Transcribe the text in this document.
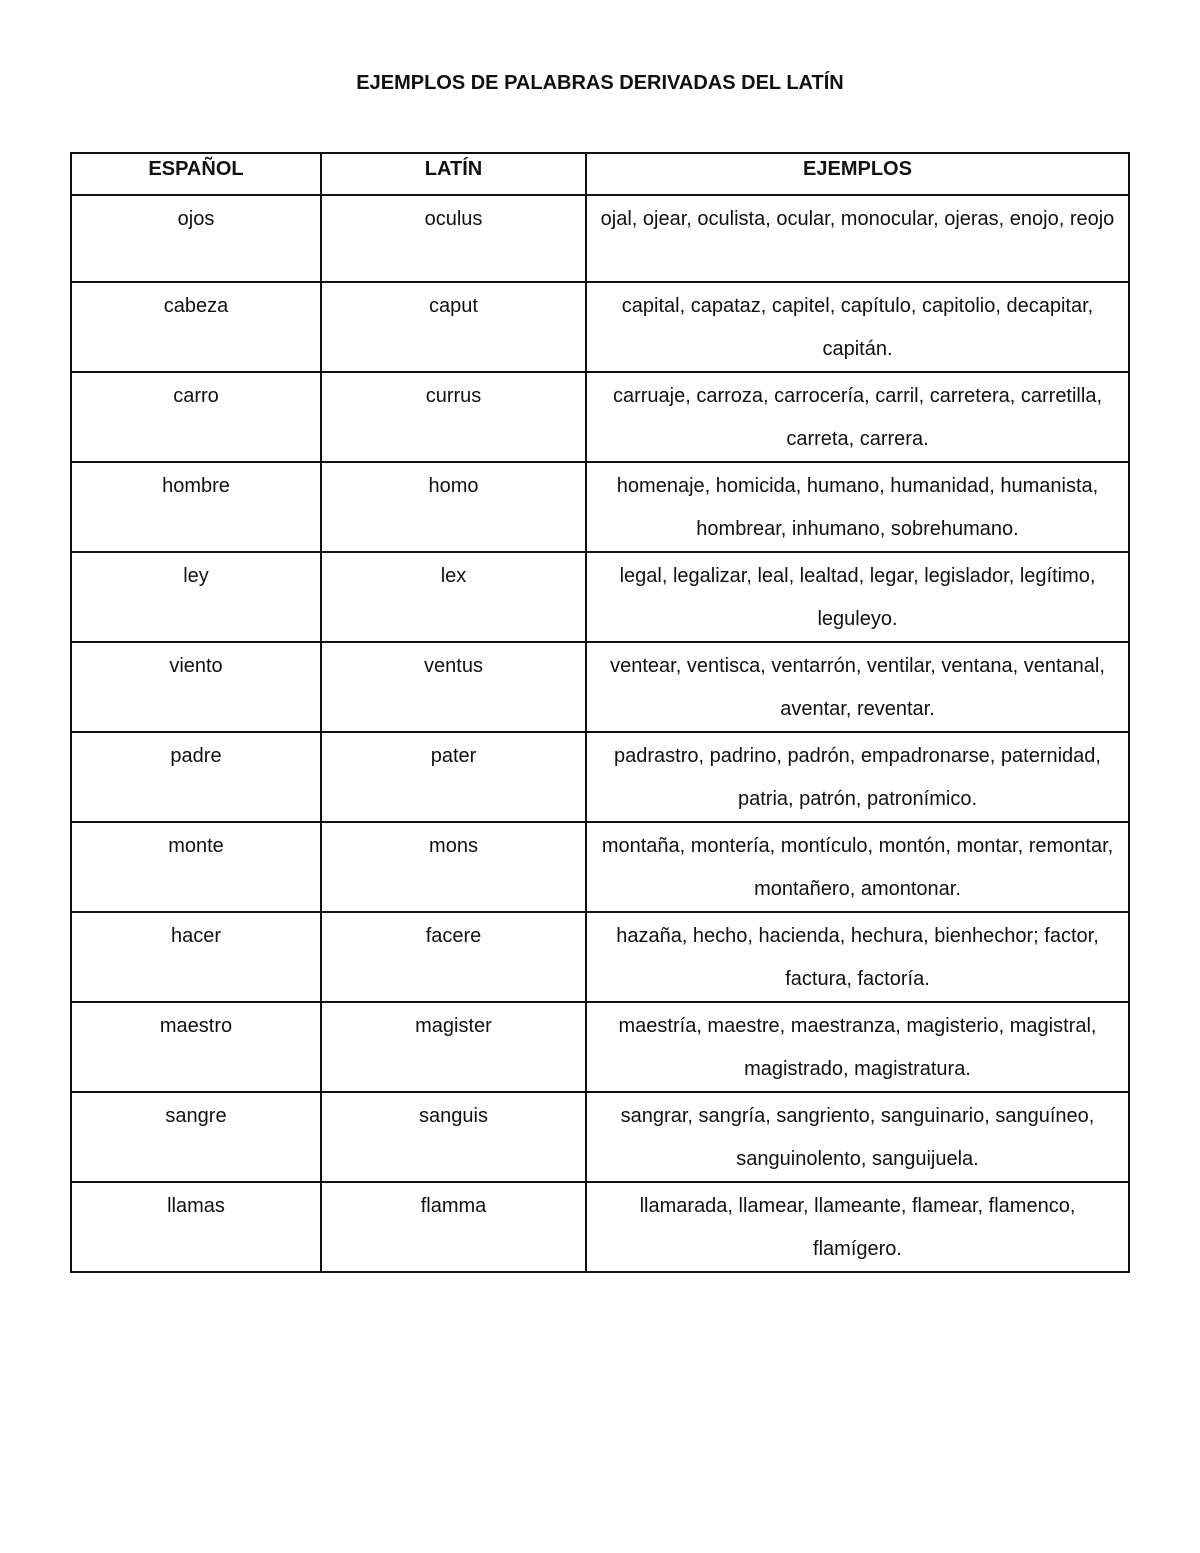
EJEMPLOS DE PALABRAS DERIVADAS DEL LATÍN
ESPAÑOL	LATÍN	EJEMPLOS
ojos	oculus	ojal, ojear, oculista, ocular, monocular, ojeras, enojo, reojo
cabeza	caput	capital, capataz, capitel, capítulo, capitolio, decapitar, capitán.
carro	currus	carruaje, carroza, carrocería, carril, carretera, carretilla, carreta, carrera.
hombre	homo	homenaje, homicida, humano, humanidad, humanista, hombrear, inhumano, sobrehumano.
ley	lex	legal, legalizar, leal, lealtad, legar, legislador, legítimo, leguleyo.
viento	ventus	ventear, ventisca, ventarrón, ventilar, ventana, ventanal, aventar, reventar.
padre	pater	padrastro, padrino, padrón, empadronarse, paternidad, patria, patrón, patronímico.
monte	mons	montaña, montería, montículo, montón, montar, remontar, montañero, amontonar.
hacer	facere	hazaña, hecho, hacienda, hechura, bienhechor; factor, factura, factoría.
maestro	magister	maestría, maestre, maestranza, magisterio, magistral, magistrado, magistratura.
sangre	sanguis	sangrar, sangría, sangriento, sanguinario, sanguíneo, sanguinolento, sanguijuela.
llamas	flamma	llamarada, llamear, llameante, flamear, flamenco, flamígero.
